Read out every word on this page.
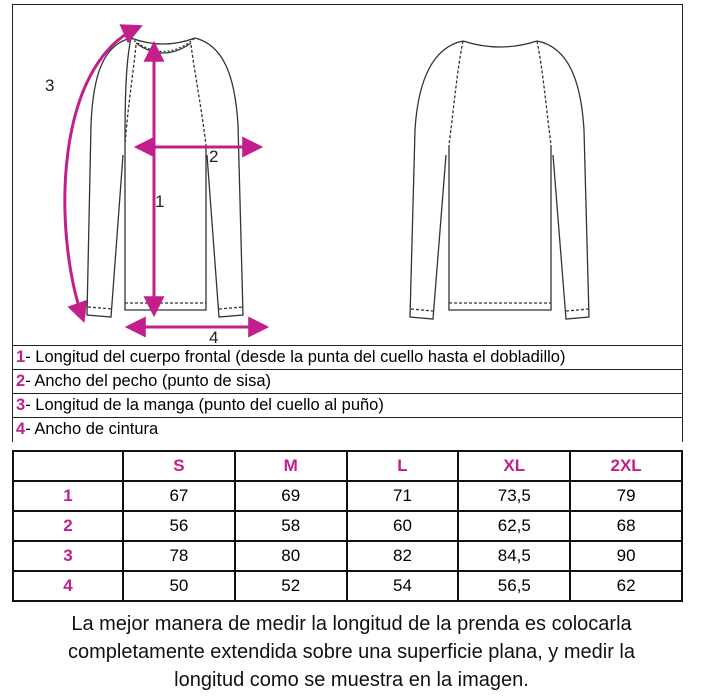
1
2
3
4
1- Longitud del cuerpo frontal (desde la punta del cuello hasta el dobladillo)
2- Ancho del pecho (punto de sisa)
3- Longitud de la manga (punto del cuello al puño)
4- Ancho de cintura
	S	M	L	XL	2XL
1	67	69	71	73,5	79
2	56	58	60	62,5	68
3	78	80	82	84,5	90
4	50	52	54	56,5	62
La mejor manera de medir la longitud de la prenda es colocarla
completamente extendida sobre una superficie plana, y medir la
longitud como se muestra en la imagen.
